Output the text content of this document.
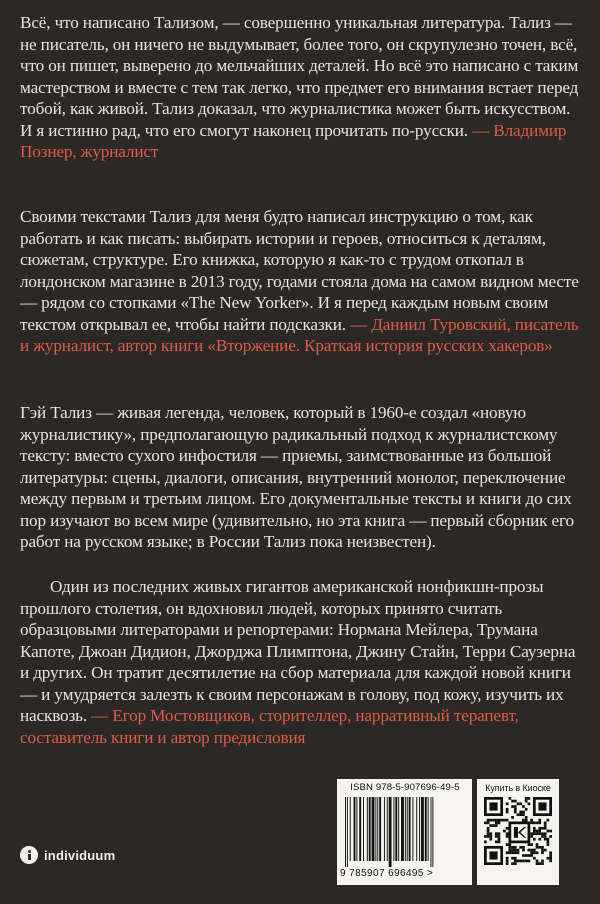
Всё, что написано Тализом, — совершенно уникальная литература. Тализ — не писатель, он ничего не выдумывает, более того, он скрупулезно точен, всё, что он пишет, выверено до мельчайших деталей. Но всё это написано с таким мастерством и вместе с тем так легко, что предмет его внимания встает перед тобой, как живой. Тализ доказал, что журналистика может быть искусством. И я истинно рад, что его смогут наконец прочитать по-русски. — Владимир Познер, журналист

Своими текстами Тализ для меня будто написал инструкцию о том, как работать и как писать: выбирать истории и героев, относиться к деталям, сюжетам, структуре. Его книжка, которую я как-то с трудом откопал в лондонском магазине в 2013 году, годами стояла дома на самом видном месте — рядом со стопками «The New Yorker». И я перед каждым новым своим текстом открывал ее, чтобы найти подсказки. — Даниил Туровский, писатель и журналист, автор книги «Вторжение. Краткая история русских хакеров»

Гэй Тализ — живая легенда, человек, который в 1960-е создал «новую журналистику», предполагающую радикальный подход к журналистскому тексту: вместо сухого инфостиля — приемы, заимствованные из большой литературы: сцены, диалоги, описания, внутренний монолог, переключение между первым и третьим лицом. Его документальные тексты и книги до сих пор изучают во всем мире (удивительно, но эта книга — первый сборник его работ на русском языке; в России Тализ пока неизвестен).

Один из последних живых гигантов американской нонфикшн-прозы прошлого столетия, он вдохновил людей, которых принято считать образцовыми литераторами и репортерами: Нормана Мейлера, Трумана Капоте, Джоан Дидион, Джорджа Плимптона, Джину Стайн, Терри Саузерна и других. Он тратит десятилетие на сбор материала для каждой новой книги — и умудряется залезть к своим персонажам в голову, под кожу, изучить их насквозь. — Егор Мостовщиков, сторителлер, нарративный терапевт, составитель книги и автор предисловия

individuum
ISBN 978-5-907696-49-5
9 785907 696495 >
Купить в Киоске
